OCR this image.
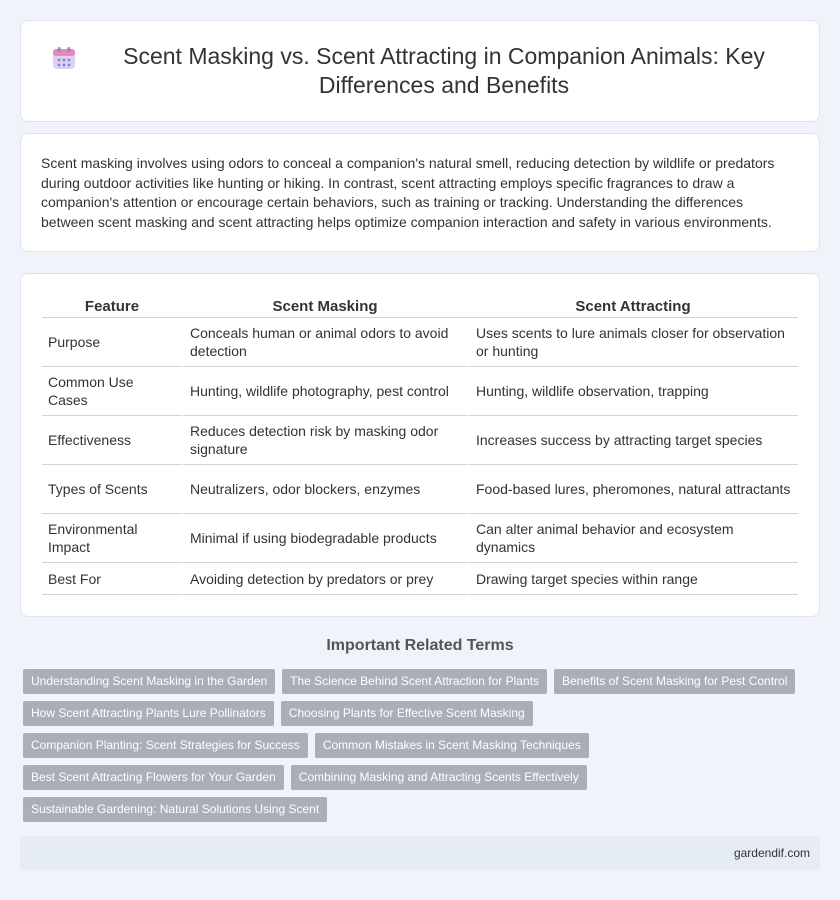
Scent Masking vs. Scent Attracting in Companion Animals: Key Differences and Benefits

Scent masking involves using odors to conceal a companion's natural smell, reducing detection by wildlife or predators during outdoor activities like hunting or hiking. In contrast, scent attracting employs specific fragrances to draw a companion's attention or encourage certain behaviors, such as training or tracking. Understanding the differences between scent masking and scent attracting helps optimize companion interaction and safety in various environments.

Feature	Scent Masking	Scent Attracting
Purpose	Conceals human or animal odors to avoid detection	Uses scents to lure animals closer for observation or hunting
Common Use Cases	Hunting, wildlife photography, pest control	Hunting, wildlife observation, trapping
Effectiveness	Reduces detection risk by masking odor signature	Increases success by attracting target species
Types of Scents	Neutralizers, odor blockers, enzymes	Food-based lures, pheromones, natural attractants
Environmental Impact	Minimal if using biodegradable products	Can alter animal behavior and ecosystem dynamics
Best For	Avoiding detection by predators or prey	Drawing target species within range
Important Related Terms
Understanding Scent Masking in the Garden	The Science Behind Scent Attraction for Plants	Benefits of Scent Masking for Pest Control
How Scent Attracting Plants Lure Pollinators	Choosing Plants for Effective Scent Masking
Companion Planting: Scent Strategies for Success	Common Mistakes in Scent Masking Techniques
Best Scent Attracting Flowers for Your Garden	Combining Masking and Attracting Scents Effectively
Sustainable Gardening: Natural Solutions Using Scent
gardendif.com
